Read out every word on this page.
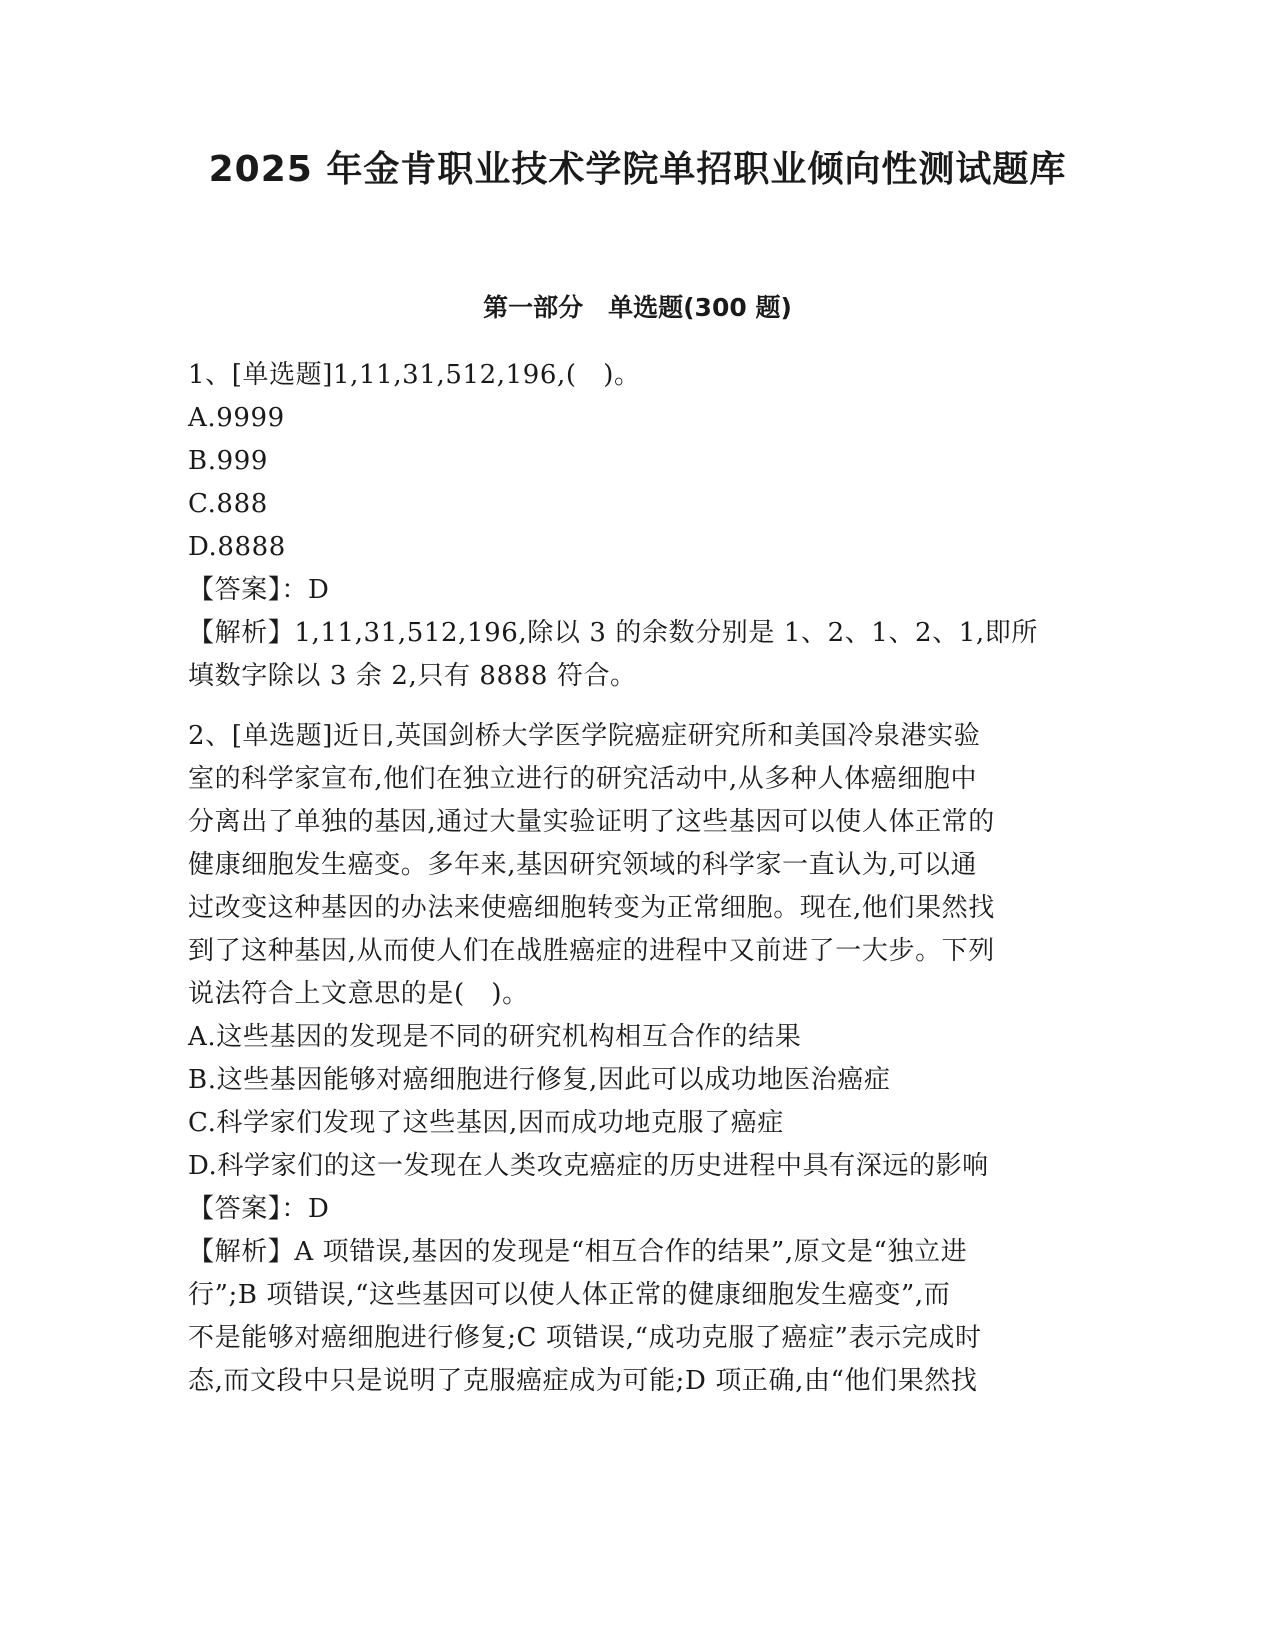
2025 年金肯职业技术学院单招职业倾向性测试题库
第一部分　单选题(300 题)
1、[单选题]1,11,31,512,196,(　)。
A.9999
B.999
C.888
D.8888
【答案】：D
【解析】1,11,31,512,196,除以 3 的余数分别是 1、2、1、2、1,即所
填数字除以 3 余 2,只有 8888 符合。
2、[单选题]近日,英国剑桥大学医学院癌症研究所和美国冷泉港实验
室的科学家宣布,他们在独立进行的研究活动中,从多种人体癌细胞中
分离出了单独的基因,通过大量实验证明了这些基因可以使人体正常的
健康细胞发生癌变。多年来,基因研究领域的科学家一直认为,可以通
过改变这种基因的办法来使癌细胞转变为正常细胞。现在,他们果然找
到了这种基因,从而使人们在战胜癌症的进程中又前进了一大步。下列
说法符合上文意思的是(　)。
A.这些基因的发现是不同的研究机构相互合作的结果
B.这些基因能够对癌细胞进行修复,因此可以成功地医治癌症
C.科学家们发现了这些基因,因而成功地克服了癌症
D.科学家们的这一发现在人类攻克癌症的历史进程中具有深远的影响
【答案】：D
【解析】A 项错误,基因的发现是“相互合作的结果”,原文是“独立进
行”;B 项错误,“这些基因可以使人体正常的健康细胞发生癌变”,而
不是能够对癌细胞进行修复;C 项错误,“成功克服了癌症”表示完成时
态,而文段中只是说明了克服癌症成为可能;D 项正确,由“他们果然找
